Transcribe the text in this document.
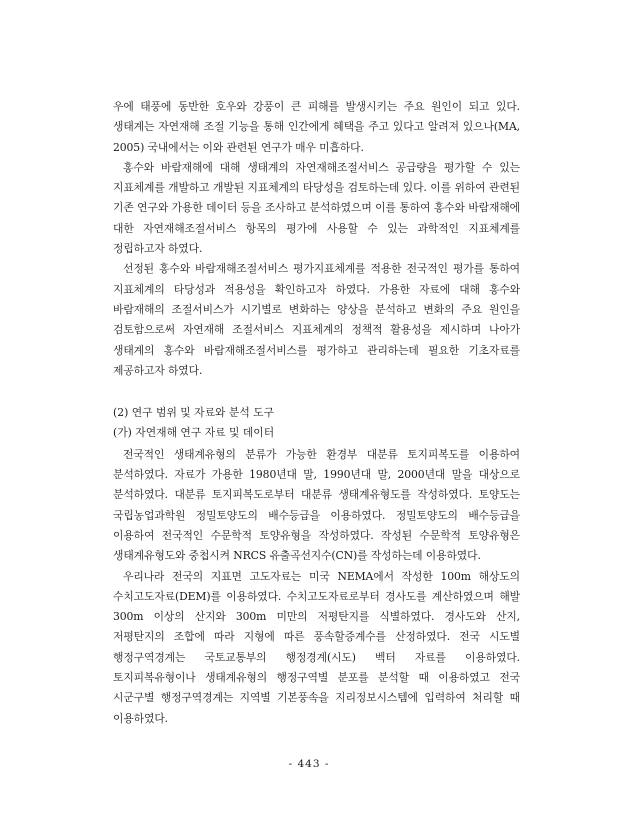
우에 태풍에 동반한 호우와 강풍이 큰 피해를 발생시키는 주요 원인이 되고 있다. 생태계는 자연재해 조절 기능을 통해 인간에게 혜택을 주고 있다고 알려져 있으나(MA, 2005) 국내에서는 이와 관련된 연구가 매우 미흡하다.

홍수와 바람재해에 대해 생태계의 자연재해조절서비스 공급량을 평가할 수 있는 지표체계를 개발하고 개발된 지표체계의 타당성을 검토하는데 있다. 이를 위하여 관련된 기존 연구와 가용한 데이터 등을 조사하고 분석하였으며 이를 통하여 홍수와 바람재해에 대한 자연재해조절서비스 항목의 평가에 사용할 수 있는 과학적인 지표체계를 정립하고자 하였다.

선정된 홍수와 바람재해조절서비스 평가지표체계를 적용한 전국적인 평가를 통하여 지표체계의 타당성과 적용성을 확인하고자 하였다. 가용한 자료에 대해 홍수와 바람재해의 조절서비스가 시기별로 변화하는 양상을 분석하고 변화의 주요 원인을 검토함으로써 자연재해 조절서비스 지표체계의 정책적 활용성을 제시하며 나아가 생태계의 홍수와 바람재해조절서비스를 평가하고 관리하는데 필요한 기초자료를 제공하고자 하였다.

(2) 연구 범위 및 자료와 분석 도구

(가) 자연재해 연구 자료 및 데이터

전국적인 생태계유형의 분류가 가능한 환경부 대분류 토지피복도를 이용하여 분석하였다. 자료가 가용한 1980년대 말, 1990년대 말, 2000년대 말을 대상으로 분석하였다. 대분류 토지피복도로부터 대분류 생태계유형도를 작성하였다. 토양도는 국립농업과학원 정밀토양도의 배수등급을 이용하였다. 정밀토양도의 배수등급을 이용하여 전국적인 수문학적 토양유형을 작성하였다. 작성된 수문학적 토양유형은 생태계유형도와 중첩시켜 NRCS 유출곡선지수(CN)를 작성하는데 이용하였다.

우리나라 전국의 지표면 고도자료는 미국 NEMA에서 작성한 100m 해상도의 수치고도자료(DEM)를 이용하였다. 수치고도자료로부터 경사도를 계산하였으며 해발 300m 이상의 산지와 300m 미만의 저평탄지를 식별하였다. 경사도와 산지, 저평탄지의 조합에 따라 지형에 따른 풍속할증계수를 산정하였다. 전국 시도별 행정구역경계는 국토교통부의 행정경계(시도) 벡터 자료를 이용하였다. 토지피복유형이나 생태계유형의 행정구역별 분포를 분석할 때 이용하였고 전국 시군구별 행정구역경계는 지역별 기본풍속을 지리정보시스템에 입력하여 처리할 때 이용하였다.

- 443 -
